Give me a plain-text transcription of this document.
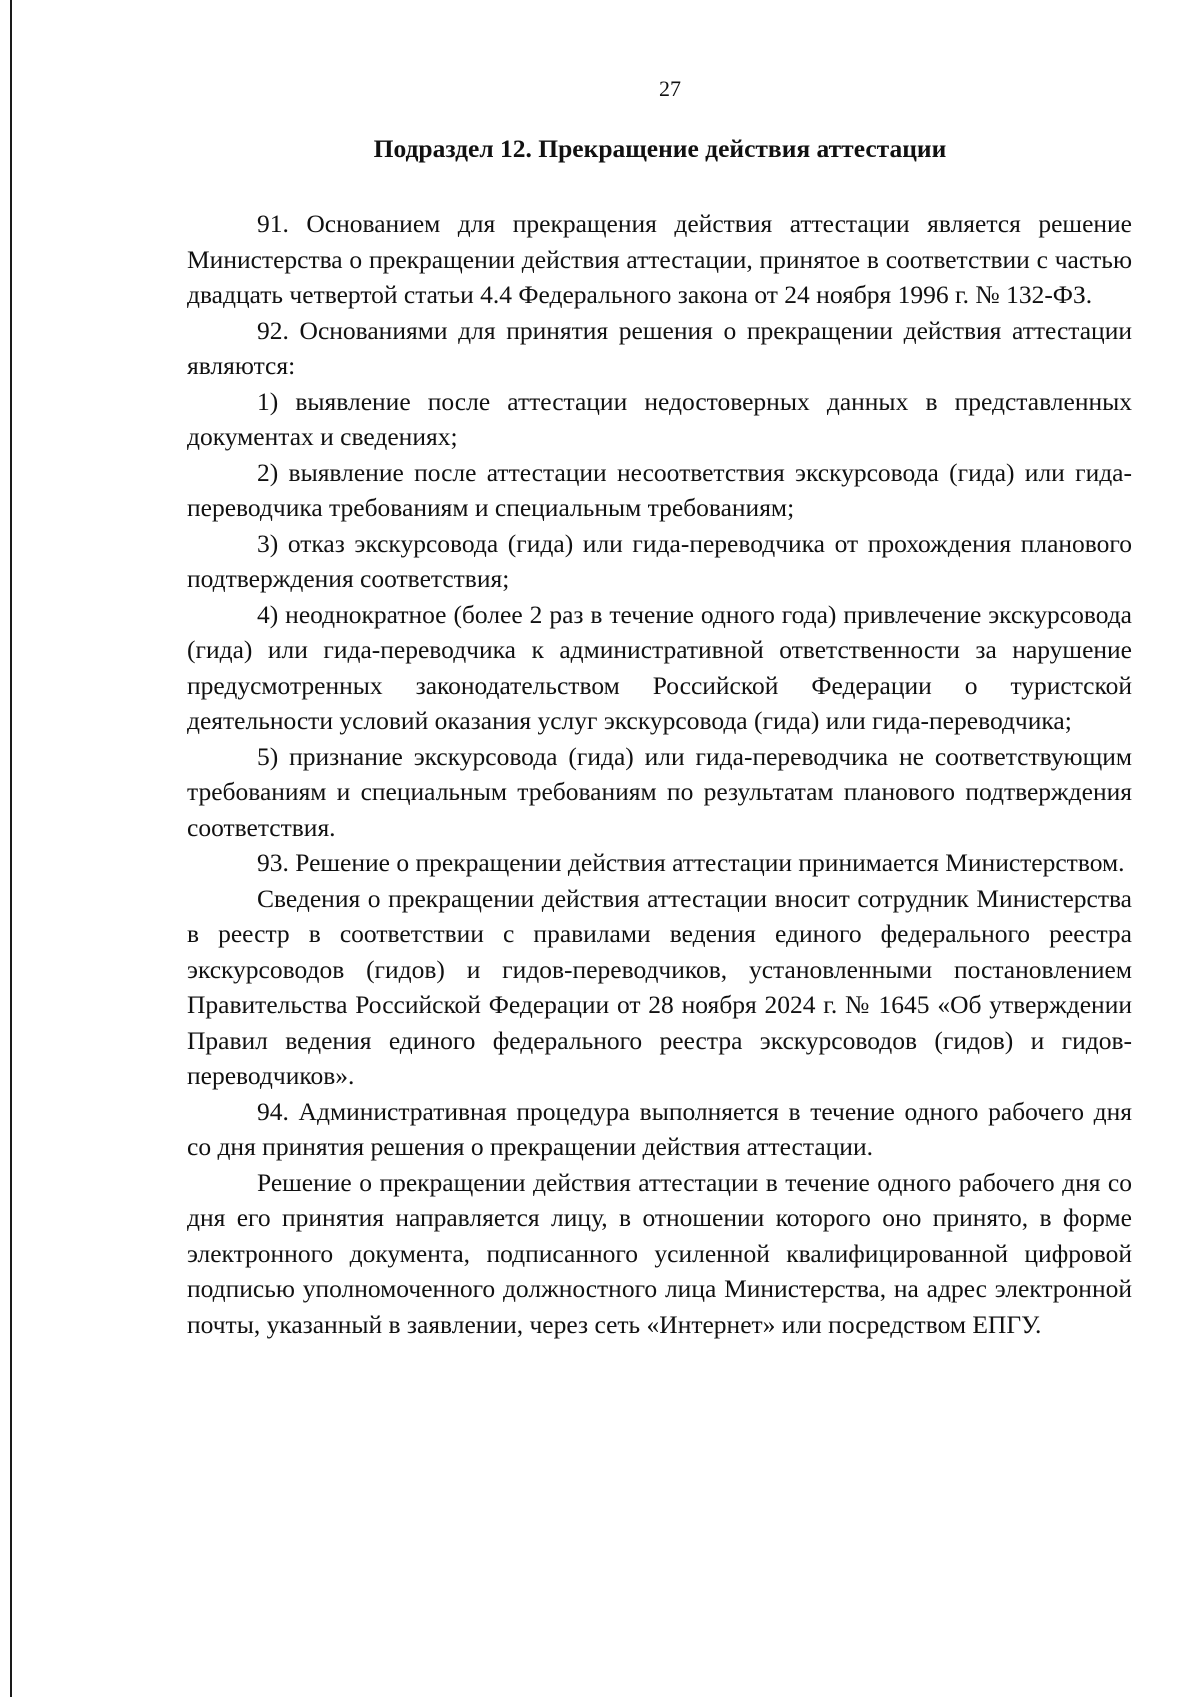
27
Подраздел 12. Прекращение действия аттестации

91. Основанием для прекращения действия аттестации является решение Министерства о прекращении действия аттестации, принятое в соответствии с частью двадцать четвертой статьи 4.4 Федерального закона от 24 ноября 1996 г. № 132-ФЗ.

92. Основаниями для принятия решения о прекращении действия аттестации являются:

1) выявление после аттестации недостоверных данных в представленных документах и сведениях;

2) выявление после аттестации несоответствия экскурсовода (гида) или гида-переводчика требованиям и специальным требованиям;

3) отказ экскурсовода (гида) или гида-переводчика от прохождения планового подтверждения соответствия;

4) неоднократное (более 2 раз в течение одного года) привлечение экскурсовода (гида) или гида-переводчика к административной ответственности за нарушение предусмотренных законодательством Российской Федерации о туристской деятельности условий оказания услуг экскурсовода (гида) или гида-переводчика;

5) признание экскурсовода (гида) или гида-переводчика не соответствующим требованиям и специальным требованиям по результатам планового подтверждения соответствия.

93. Решение о прекращении действия аттестации принимается Министерством.

Сведения о прекращении действия аттестации вносит сотрудник Министерства в реестр в соответствии с правилами ведения единого федерального реестра экскурсоводов (гидов) и гидов-переводчиков, установленными постановлением Правительства Российской Федерации от 28 ноября 2024 г. № 1645 «Об утверждении Правил ведения единого федерального реестра экскурсоводов (гидов) и гидов-переводчиков».

94. Административная процедура выполняется в течение одного рабочего дня со дня принятия решения о прекращении действия аттестации.

Решение о прекращении действия аттестации в течение одного рабочего дня со дня его принятия направляется лицу, в отношении которого оно принято, в форме электронного документа, подписанного усиленной квалифицированной цифровой подписью уполномоченного должностного лица Министерства, на адрес электронной почты, указанный в заявлении, через сеть «Интернет» или посредством ЕПГУ.
